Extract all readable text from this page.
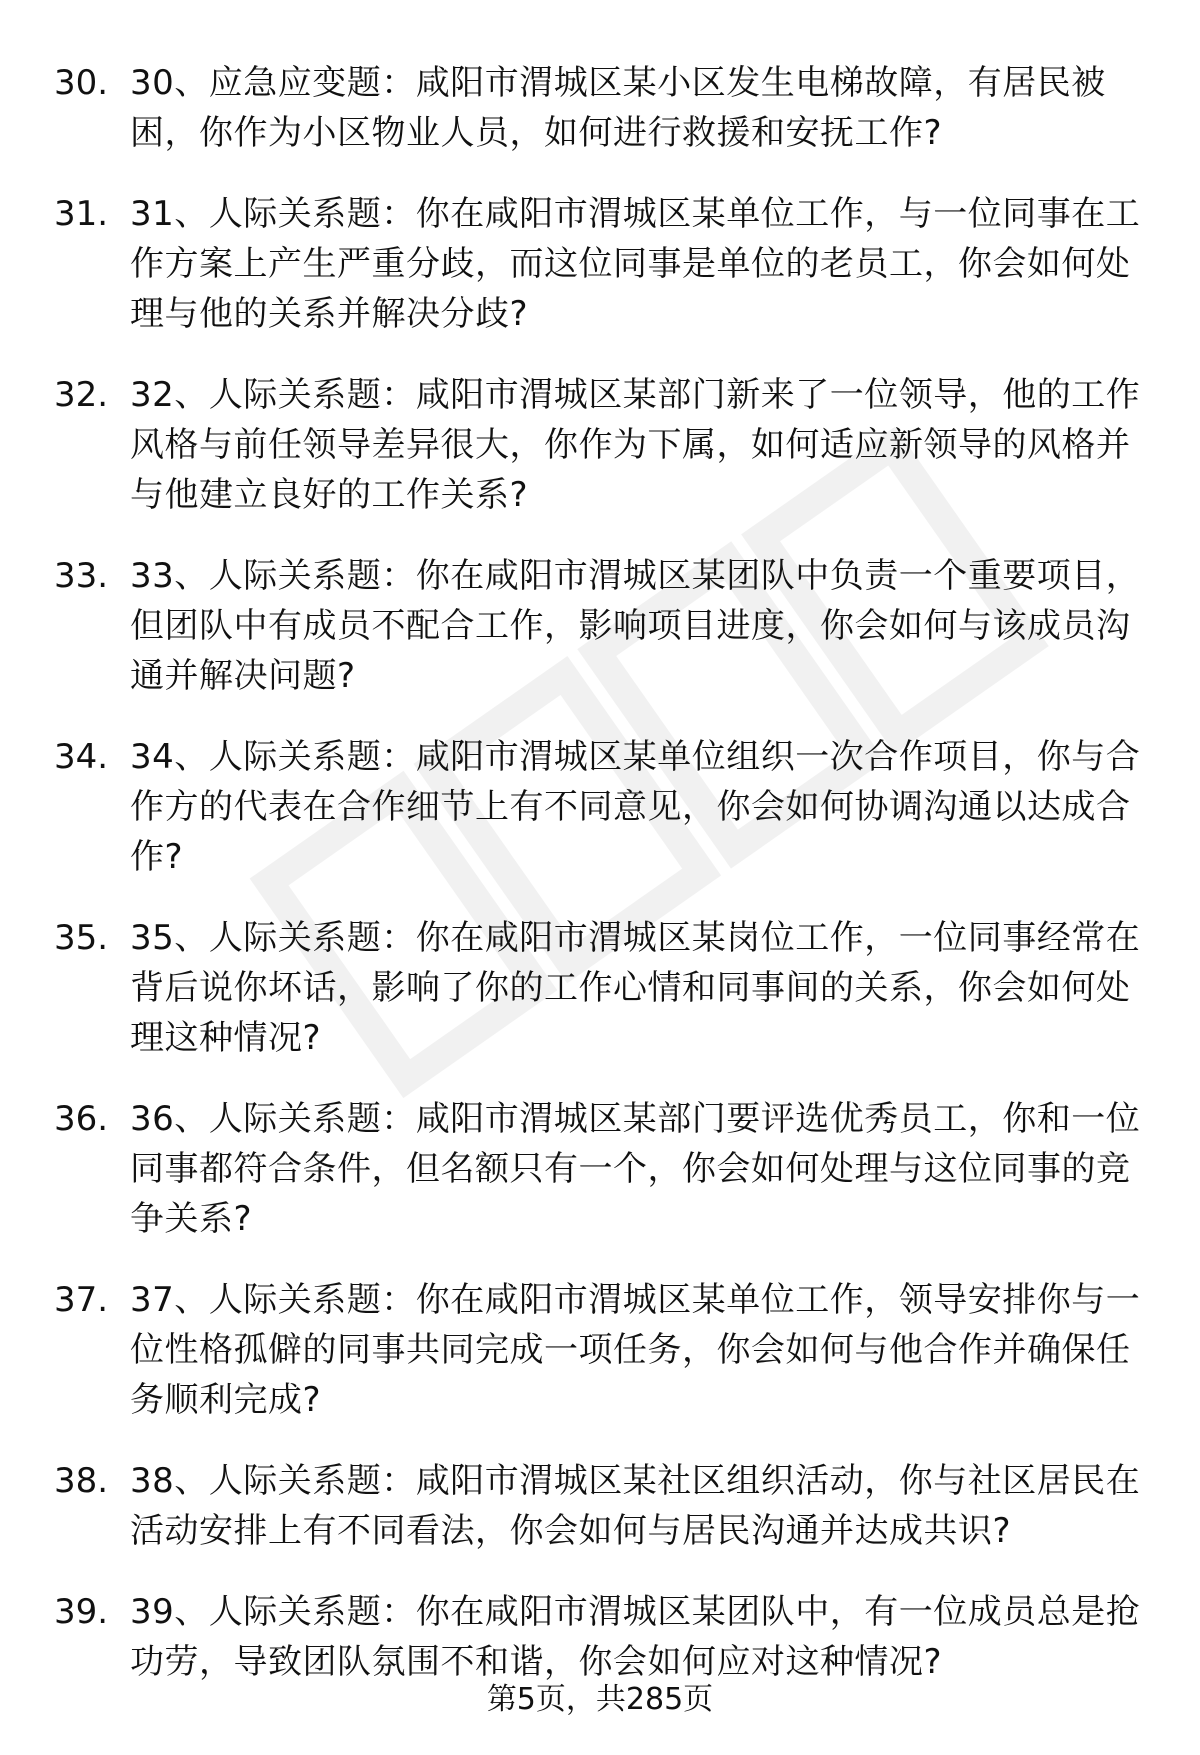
30. 30、应急应变题：咸阳市渭城区某小区发生电梯故障，有居民被困，你作为小区物业人员，如何进行救援和安抚工作?
31. 31、人际关系题：你在咸阳市渭城区某单位工作，与一位同事在工作方案上产生严重分歧，而这位同事是单位的老员工，你会如何处理与他的关系并解决分歧?
32. 32、人际关系题：咸阳市渭城区某部门新来了一位领导，他的工作风格与前任领导差异很大，你作为下属，如何适应新领导的风格并与他建立良好的工作关系?
33. 33、人际关系题：你在咸阳市渭城区某团队中负责一个重要项目，但团队中有成员不配合工作，影响项目进度，你会如何与该成员沟通并解决问题?
34. 34、人际关系题：咸阳市渭城区某单位组织一次合作项目，你与合作方的代表在合作细节上有不同意见，你会如何协调沟通以达成合作?
35. 35、人际关系题：你在咸阳市渭城区某岗位工作，一位同事经常在背后说你坏话，影响了你的工作心情和同事间的关系，你会如何处理这种情况?
36. 36、人际关系题：咸阳市渭城区某部门要评选优秀员工，你和一位同事都符合条件，但名额只有一个，你会如何处理与这位同事的竞争关系?
37. 37、人际关系题：你在咸阳市渭城区某单位工作，领导安排你与一位性格孤僻的同事共同完成一项任务，你会如何与他合作并确保任务顺利完成?
38. 38、人际关系题：咸阳市渭城区某社区组织活动，你与社区居民在活动安排上有不同看法，你会如何与居民沟通并达成共识?
39. 39、人际关系题：你在咸阳市渭城区某团队中，有一位成员总是抢功劳，导致团队氛围不和谐，你会如何应对这种情况?
第5页，共285页
